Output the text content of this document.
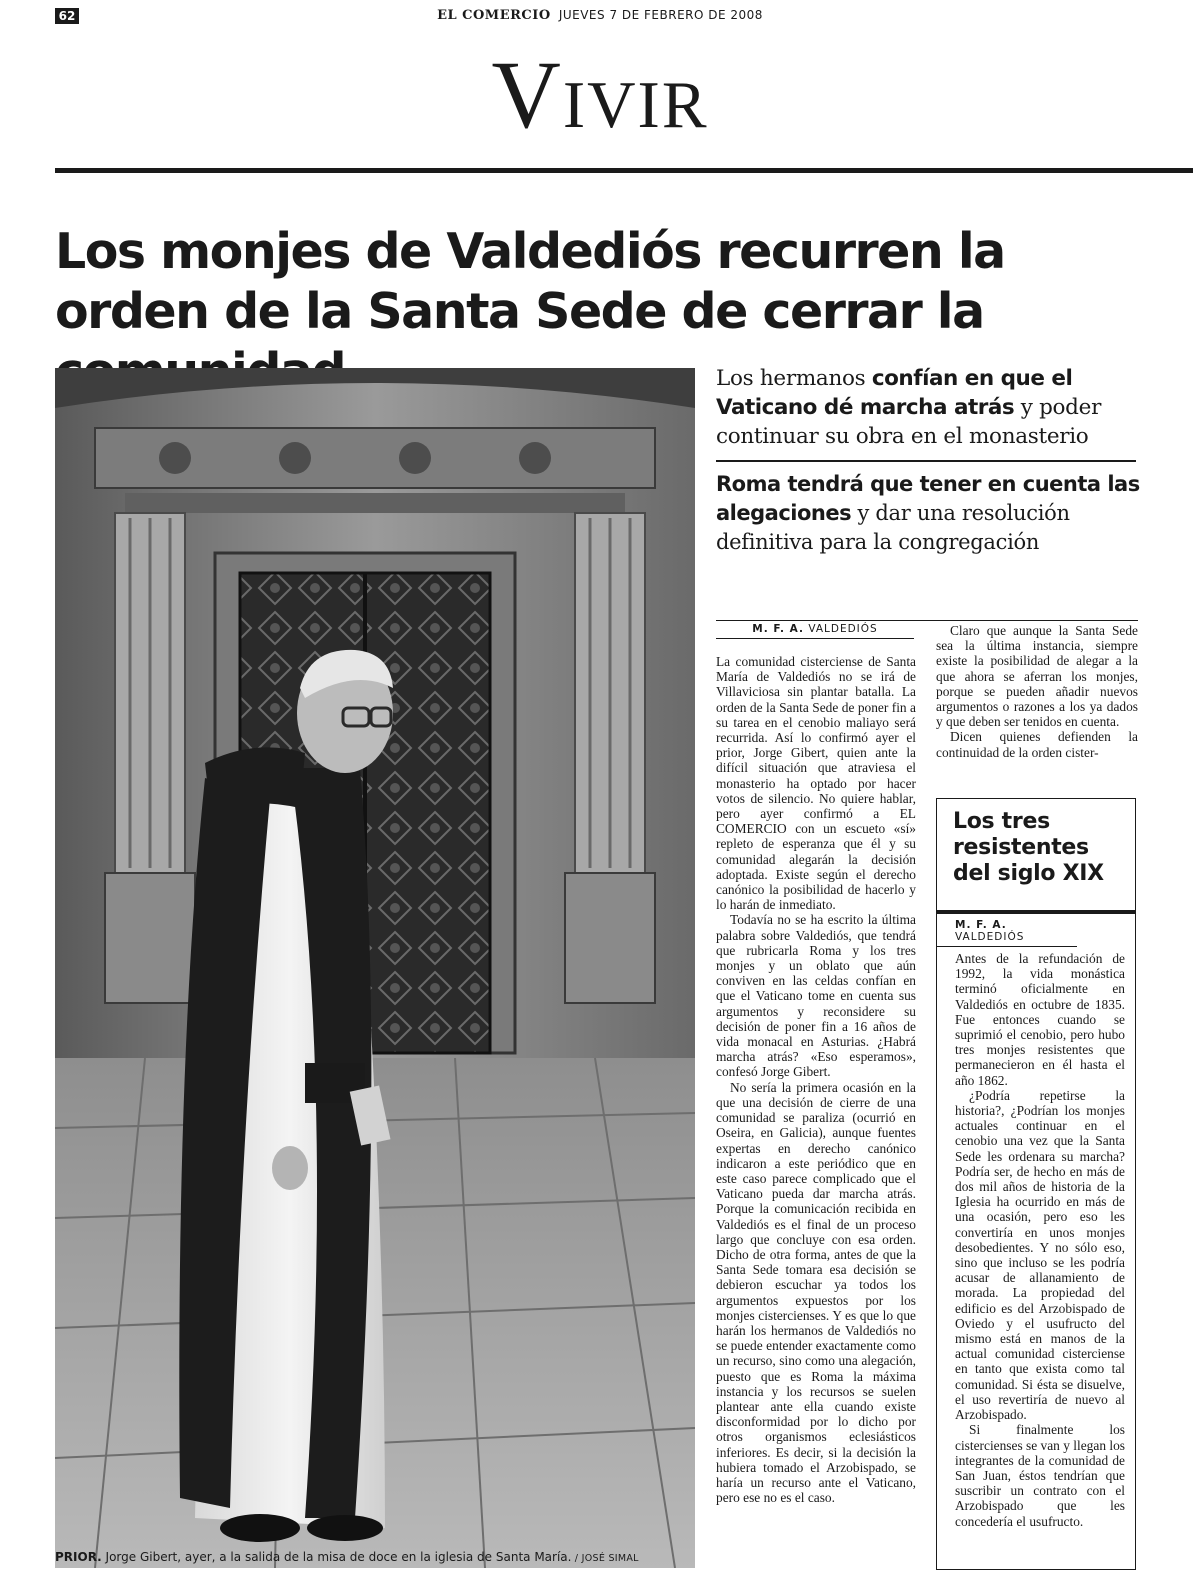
62	EL COMERCIO JUEVES 7 DE FEBRERO DE 2008
Vivir
Los monjes de Valdediós recurren la orden de la Santa Sede de cerrar la
PRIOR. Jorge Gibert, ayer, a la salida de la misa de doce en la iglesia de Santa María. / JOSÉ SIMAL

Los hermanos confían en que el Vaticano dé marcha atrás y poder continuar su obra en el monasterio

Roma tendrá que tener en cuenta las alegaciones y dar una resolución definitiva para la congregación

M. F. A. VALDEDIÓS

La comunidad cisterciense de Santa María de Valdediós no se irá de Villaviciosa sin plantar batalla. La orden de la Santa Sede de poner fin a su tarea en el cenobio maliayo será recurrida. Así lo confirmó ayer el prior, Jorge Gibert, quien ante la difícil situación que atraviesa el monasterio ha optado por hacer votos de silencio. No quiere hablar, pero ayer confirmó a EL COMERCIO con un escueto «sí» repleto de esperanza que él y su comunidad alegarán la decisión adoptada. Existe según el derecho canónico la posibilidad de hacerlo y lo harán de inmediato.

Todavía no se ha escrito la última palabra sobre Valdediós, que tendrá que rubricarla Roma y los tres monjes y un oblato que aún conviven en las celdas confían en que el Vaticano tome en cuenta sus argumentos y reconsidere su decisión de poner fin a 16 años de vida monacal en Asturias. ¿Habrá marcha atrás? «Eso esperamos», confesó Jorge Gibert.

No sería la primera ocasión en la que una decisión de cierre de una comunidad se paraliza (ocurrió en Oseira, en Galicia), aunque fuentes expertas en derecho canónico indicaron a este periódico que en este caso parece complicado que el Vaticano pueda dar marcha atrás. Porque la comunicación recibida en Valdediós es el final de un proceso largo que concluye con esa orden. Dicho de otra forma, antes de que la Santa Sede tomara esa decisión se debieron escuchar ya todos los argumentos expuestos por los monjes cistercienses. Y es que lo que harán los hermanos de Valdediós no se puede entender exactamente como un recurso, sino como una alegación, puesto que es Roma la máxima instancia y los recursos se suelen plantear ante ella cuando existe disconformidad por lo dicho por otros organismos eclesiásticos inferiores. Es decir, si la decisión la hubiera tomado el Arzobispado, se haría un recurso ante el Vaticano, pero ese no es el caso.

Claro que aunque la Santa Sede sea la última instancia, siempre existe la posibilidad de alegar a la que ahora se aferran los monjes, porque se pueden añadir nuevos argumentos o razones a los ya dados y que deben ser tenidos en cuenta.

Dicen quienes defienden la continuidad de la orden cister-

Los tres resistentes del siglo XIX
M. F. A. VALDEDIÓS

Antes de la refundación de 1992, la vida monástica terminó oficialmente en Valdediós en octubre de 1835. Fue entonces cuando se suprimió el cenobio, pero hubo tres monjes resistentes que permanecieron en él hasta el año 1862.

¿Podría repetirse la historia?, ¿Podrían los monjes actuales continuar en el cenobio una vez que la Santa Sede les ordenara su marcha? Podría ser, de hecho en más de dos mil años de historia de la Iglesia ha ocurrido en más de una ocasión, pero eso les convertiría en unos monjes desobedientes. Y no sólo eso, sino que incluso se les podría acusar de allanamiento de morada. La propiedad del edificio es del Arzobispado de Oviedo y el usufructo del mismo está en manos de la actual comunidad cisterciense en tanto que exista como tal comunidad. Si ésta se disuelve, el uso revertiría de nuevo al Arzobispado.

Si finalmente los cistercienses se van y llegan los integrantes de la comunidad de San Juan, éstos tendrían que suscribir un contrato con el Arzobispado que les concedería el usufructo.
